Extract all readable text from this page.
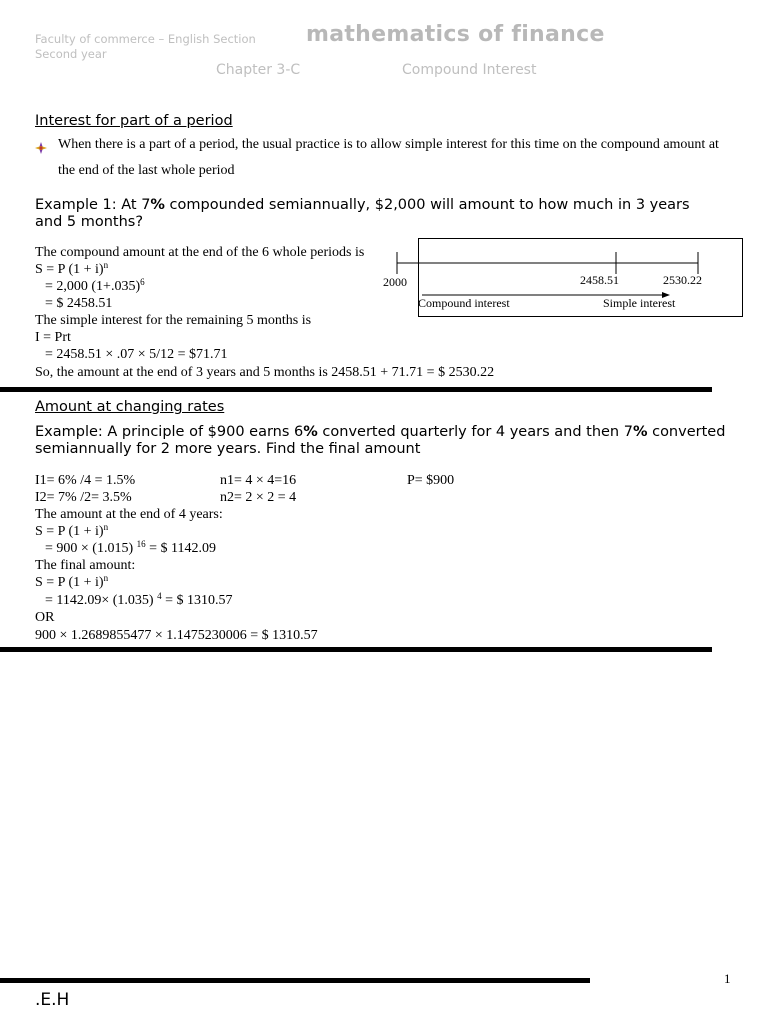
Faculty of commerce – English Section
Second year
mathematics of finance
Chapter 3-C	Compound Interest
Interest for part of a period
When there is a part of a period, the usual practice is to allow simple interest for this time on the compound amount at the end of the last whole period
Example 1: At 7% compounded semiannually, $2,000 will amount to how much in 3 years and 5 months?
The compound amount at the end of the 6 whole periods is
S = P $(1 + i)^n$
= 2,000 $(1+.035)^6$
= $ 2458.51
The simple interest for the remaining 5 months is
I = Prt
= 2458.51 × .07 × 5/12 = $71.71
So, the amount at the end of 3 years and 5 months is 2458.51 + 71.71 = $ 2530.22
2000	2458.51	2530.22
Compound interest	Simple interest
Amount at changing rates
Example: A principle of $900 earns 6% converted quarterly for 4 years and then 7% converted semiannually for 2 more years. Find the final amount
I1= 6% /4 = 1.5%	n1= 4 × 4=16	P= $900
I2= 7% /2= 3.5%	n2= 2 × 2 = 4
The amount at the end of 4 years:
S = P $(1 + i)^n$
= 900 × (1.015) $^{16}$ = $ 1142.09
The final amount:
S = P $(1 + i)^n$
= 1142.09× (1.035) $^4$ = $ 1310.57
OR
900 × 1.2689855477 × 1.1475230006 = $ 1310.57
1
.E.H
